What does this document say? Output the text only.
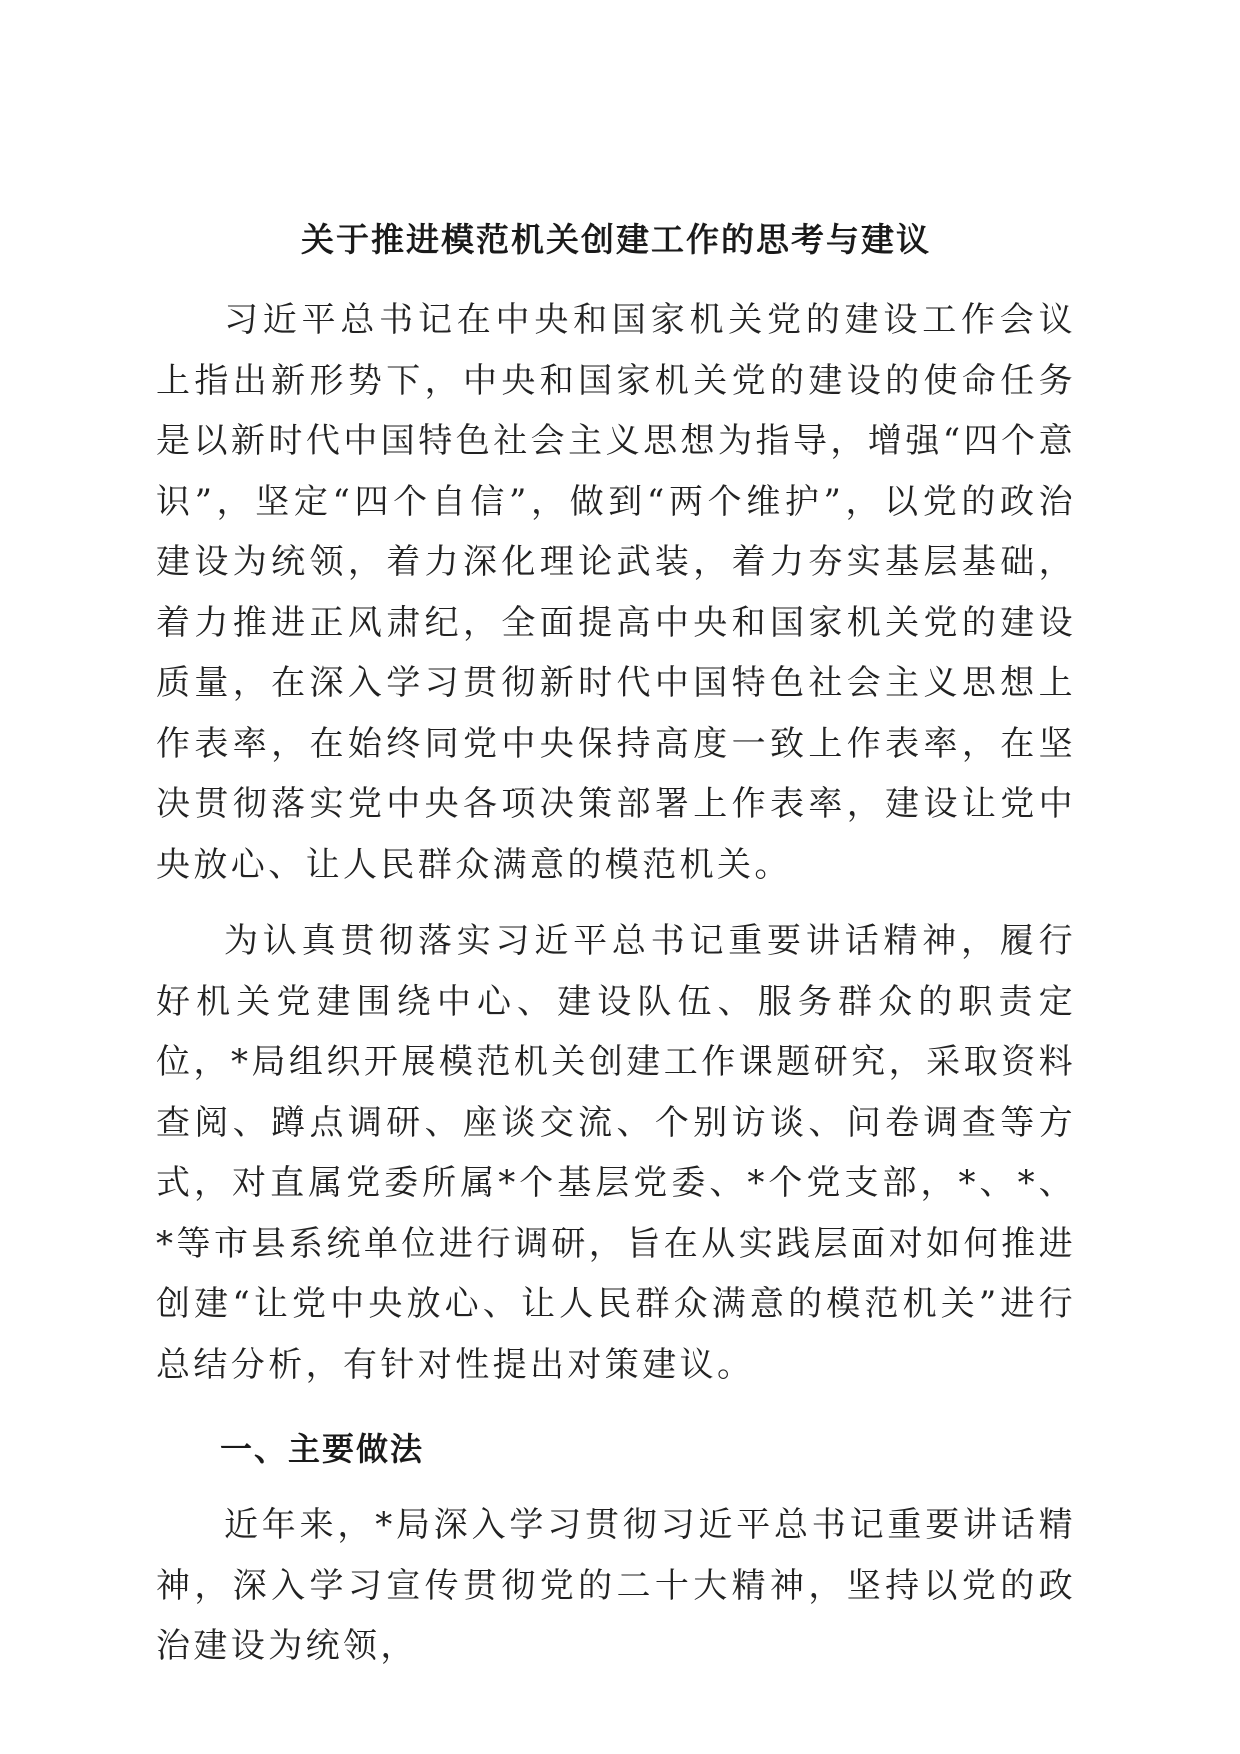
关于推进模范机关创建工作的思考与建议

习近平总书记在中央和国家机关党的建设工作会议上指出新形势下，中央和国家机关党的建设的使命任务是以新时代中国特色社会主义思想为指导，增强“四个意识”，坚定“四个自信”，做到“两个维护”，以党的政治建设为统领，着力深化理论武装，着力夯实基层基础，着力推进正风肃纪，全面提高中央和国家机关党的建设质量，在深入学习贯彻新时代中国特色社会主义思想上作表率，在始终同党中央保持高度一致上作表率，在坚决贯彻落实党中央各项决策部署上作表率，建设让党中央放心、让人民群众满意的模范机关。

为认真贯彻落实习近平总书记重要讲话精神，履行好机关党建围绕中心、建设队伍、服务群众的职责定位，*局组织开展模范机关创建工作课题研究，采取资料查阅、蹲点调研、座谈交流、个别访谈、问卷调查等方式，对直属党委所属*个基层党委、*个党支部，*、*、*等市县系统单位进行调研，旨在从实践层面对如何推进创建“让党中央放心、让人民群众满意的模范机关”进行总结分析，有针对性提出对策建议。

一、主要做法

近年来，*局深入学习贯彻习近平总书记重要讲话精神，深入学习宣传贯彻党的二十大精神，坚持以党的政治建设为统领，
